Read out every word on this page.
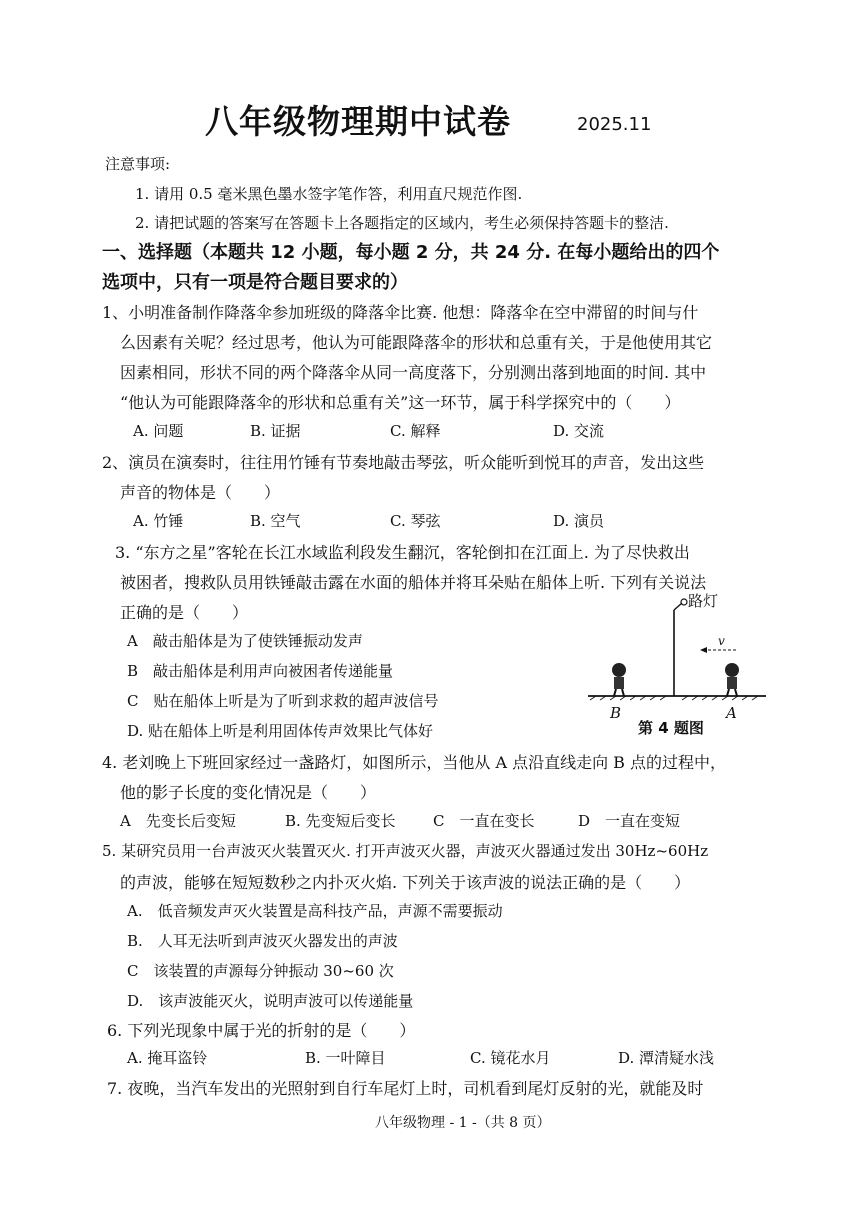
八年级物理期中试卷	2025.11
注意事项:
1. 请用 0.5 毫米黑色墨水签字笔作答，利用直尺规范作图.
2. 请把试题的答案写在答题卡上各题指定的区域内，考生必须保持答题卡的整洁.
一、选择题（本题共 12 小题，每小题 2 分，共 24 分. 在每小题给出的四个
选项中，只有一项是符合题目要求的）
1、小明准备制作降落伞参加班级的降落伞比赛. 他想：降落伞在空中滞留的时间与什
么因素有关呢？经过思考，他认为可能跟降落伞的形状和总重有关，于是他使用其它
因素相同，形状不同的两个降落伞从同一高度落下，分别测出落到地面的时间. 其中
“他认为可能跟降落伞的形状和总重有关”这一环节，属于科学探究中的（　　）
A. 问题	B. 证据	C. 解释	D. 交流
2、演员在演奏时，往往用竹锤有节奏地敲击琴弦，听众能听到悦耳的声音，发出这些
声音的物体是（　　）
A. 竹锤	B. 空气	C. 琴弦	D. 演员
3. “东方之星”客轮在长江水域监利段发生翻沉，客轮倒扣在江面上. 为了尽快救出
被困者，搜救队员用铁锤敲击露在水面的船体并将耳朵贴在船体上听. 下列有关说法
正确的是（　　）
A　敲击船体是为了使铁锤振动发声
B　敲击船体是利用声向被困者传递能量
C　贴在船体上听是为了听到求救的超声波信号
D. 贴在船体上听是利用固体传声效果比气体好
路灯
v
B	A
第 4 题图
4. 老刘晚上下班回家经过一盏路灯，如图所示，当他从 A 点沿直线走向 B 点的过程中，
他的影子长度的变化情况是（　　）
A　先变长后变短	B. 先变短后变长 C　一直在变长	D　一直在变短
5. 某研究员用一台声波灭火装置灭火. 打开声波灭火器，声波灭火器通过发出 30Hz~60Hz
的声波，能够在短短数秒之内扑灭火焰. 下列关于该声波的说法正确的是（　　）
A.　低音频发声灭火装置是高科技产品，声源不需要振动
B.　人耳无法听到声波灭火器发出的声波
C　该装置的声源每分钟振动 30~60 次
D.　该声波能灭火，说明声波可以传递能量
6. 下列光现象中属于光的折射的是（　　）
A. 掩耳盗铃	B. 一叶障目	C. 镜花水月	D. 潭清疑水浅
7. 夜晚，当汽车发出的光照射到自行车尾灯上时，司机看到尾灯反射的光，就能及时
八年级物理 - 1 -（共 8 页）
